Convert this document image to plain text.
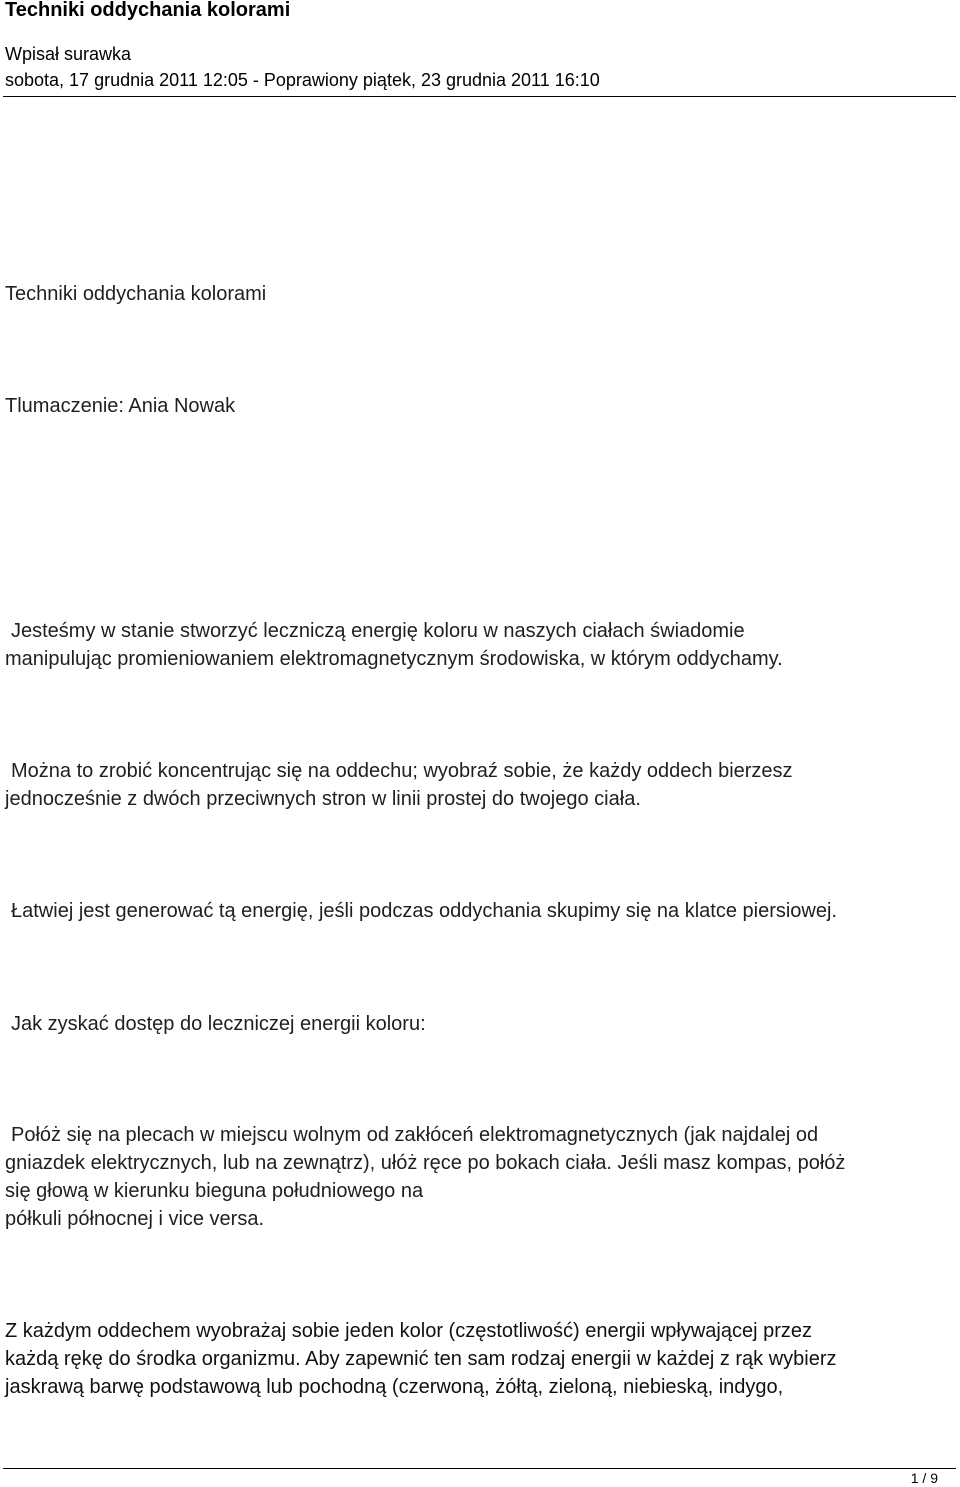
Techniki oddychania kolorami
Wpisał surawka
sobota, 17 grudnia 2011 12:05 - Poprawiony piątek, 23 grudnia 2011 16:10
Techniki oddychania kolorami
Tlumaczenie: Ania Nowak
Jesteśmy w stanie stworzyć leczniczą energię koloru w naszych ciałach świadomie
manipulując promieniowaniem elektromagnetycznym środowiska, w którym oddychamy.
Można to zrobić koncentrując się na oddechu; wyobraź sobie, że każdy oddech bierzesz
jednocześnie z dwóch przeciwnych stron w linii prostej do twojego ciała.
Łatwiej jest generować tą energię, jeśli podczas oddychania skupimy się na klatce piersiowej.
Jak zyskać dostęp do leczniczej energii koloru:
Połóż się na plecach w miejscu wolnym od zakłóceń elektromagnetycznych (jak najdalej od
gniazdek elektrycznych, lub na zewnątrz), ułóż ręce po bokach ciała. Jeśli masz kompas, połóż
się głową w kierunku bieguna południowego na
półkuli północnej i vice versa.
Z każdym oddechem wyobrażaj sobie jeden kolor (częstotliwość) energii wpływającej przez
każdą rękę do środka organizmu. Aby zapewnić ten sam rodzaj energii w każdej z rąk wybierz
jaskrawą barwę podstawową lub pochodną (czerwoną, żółtą, zieloną, niebieską, indygo,
1 / 9
